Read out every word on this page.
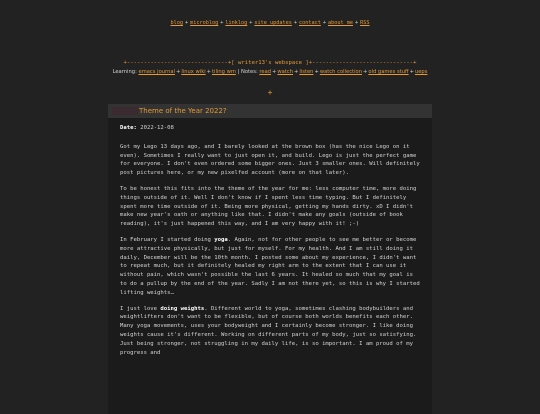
blog + microblog + linklog + site updates + contact + about me + RSS

+------------------------------+[ writer13's webspace ]+------------------------------+

+

Learning: emacs journal+linux wiki+tiling wm | Notes: read+watch+listen+watch collection+old games stuff+ueps
Theme of the Year 2022?

Date: 2022-12-08

Got my Lego 13 days ago, and I barely looked at the brown box (has the nice Lego on it even). Sometimes I really want to just open it, and build. Lego is just the perfect game for everyone. I don't even ordered some bigger ones. Just 3 smaller ones. Will definitely post pictures here, or my new pixelfed account (more on that later).

To be honest this fits into the theme of the year for me: less computer time, more doing things outside of it. Well I don't know if I spent less time typing. But I definitely spent more time outside of it. Being more physical, getting my hands dirty. xD I didn't make new year's oath or anything like that. I didn't make any goals (outside of book reading), it's just happened this way, and I am very happy with it! ;-)

In February I started doing yoga. Again, not for other people to see me better or become more attractive physically, but just for myself. For my health. And I am still doing it daily, December will be the 10th month. I posted some about my experience, I didn't want to repeat much, but it definitely healed my right arm to the extent that I can use it without pain, which wasn't possible the last 6 years. It healed so much that my goal is to do a pullup by the end of the year. Sadly I am not there yet, so this is why I started lifting weights…

I just love doing weights. Different world to yoga, sometimes clashing bodybuilders and weightlifters don't want to be flexible, but of course both worlds benefits each other. Many yoga movements, uses your bodyweight and I certainly become stronger. I like doing weights cause it's different. Working on different parts of my body, just so satisfying. Just being stronger, not struggling in my daily life, is so important. I am proud of my progress and
